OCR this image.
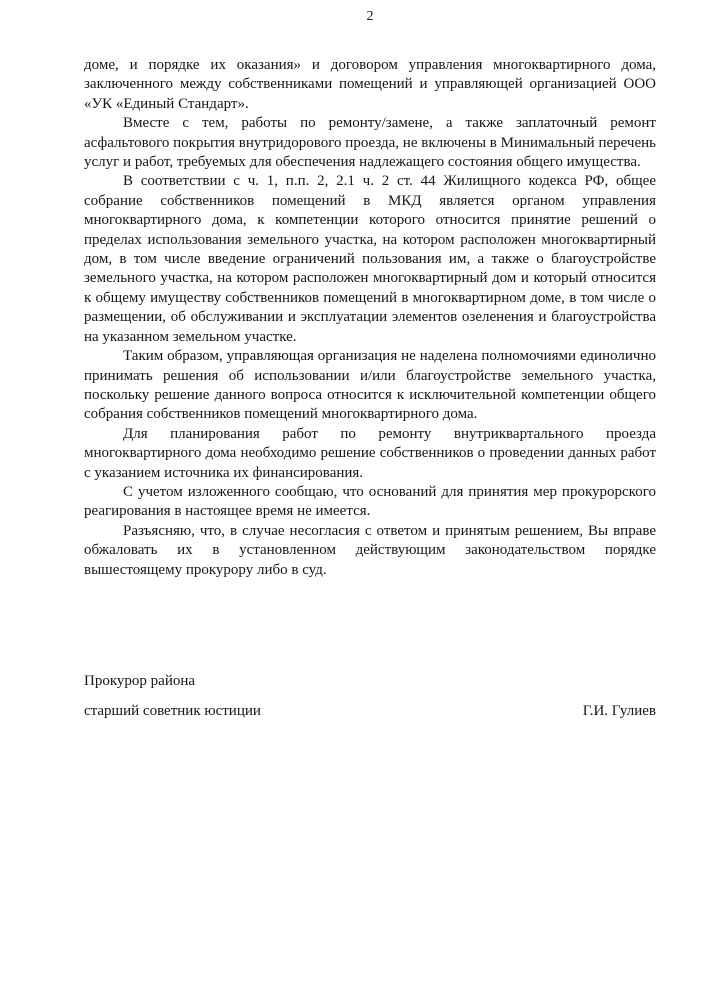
2

доме, и порядке их оказания» и договором управления многоквартирного дома, заключенного между собственниками помещений и управляющей организацией ООО «УК «Единый Стандарт».

Вместе с тем, работы по ремонту/замене, а также заплаточный ремонт асфальтового покрытия внутридорового проезда, не включены в Минимальный перечень услуг и работ, требуемых для обеспечения надлежащего состояния общего имущества.

В соответствии с ч. 1, п.п. 2, 2.1 ч. 2 ст. 44 Жилищного кодекса РФ, общее собрание собственников помещений в МКД является органом управления многоквартирного дома, к компетенции которого относится принятие решений о пределах использования земельного участка, на котором расположен многоквартирный дом, в том числе введение ограничений пользования им, а также о благоустройстве земельного участка, на котором расположен многоквартирный дом и который относится к общему имуществу собственников помещений в многоквартирном доме, в том числе о размещении, об обслуживании и эксплуатации элементов озеленения и благоустройства на указанном земельном участке.

Таким образом, управляющая организация не наделена полномочиями единолично принимать решения об использовании и/или благоустройстве земельного участка, поскольку решение данного вопроса относится к исключительной компетенции общего собрания собственников помещений многоквартирного дома.

Для планирования работ по ремонту внутриквартального проезда многоквартирного дома необходимо решение собственников о проведении данных работ с указанием источника их финансирования.

С учетом изложенного сообщаю, что оснований для принятия мер прокурорского реагирования в настоящее время не имеется.

Разъясняю, что, в случае несогласия с ответом и принятым решением, Вы вправе обжаловать их в установленном действующим законодательством порядке вышестоящему прокурору либо в суд.

Прокурор района

старший советник юстиции	Г.И. Гулиев
